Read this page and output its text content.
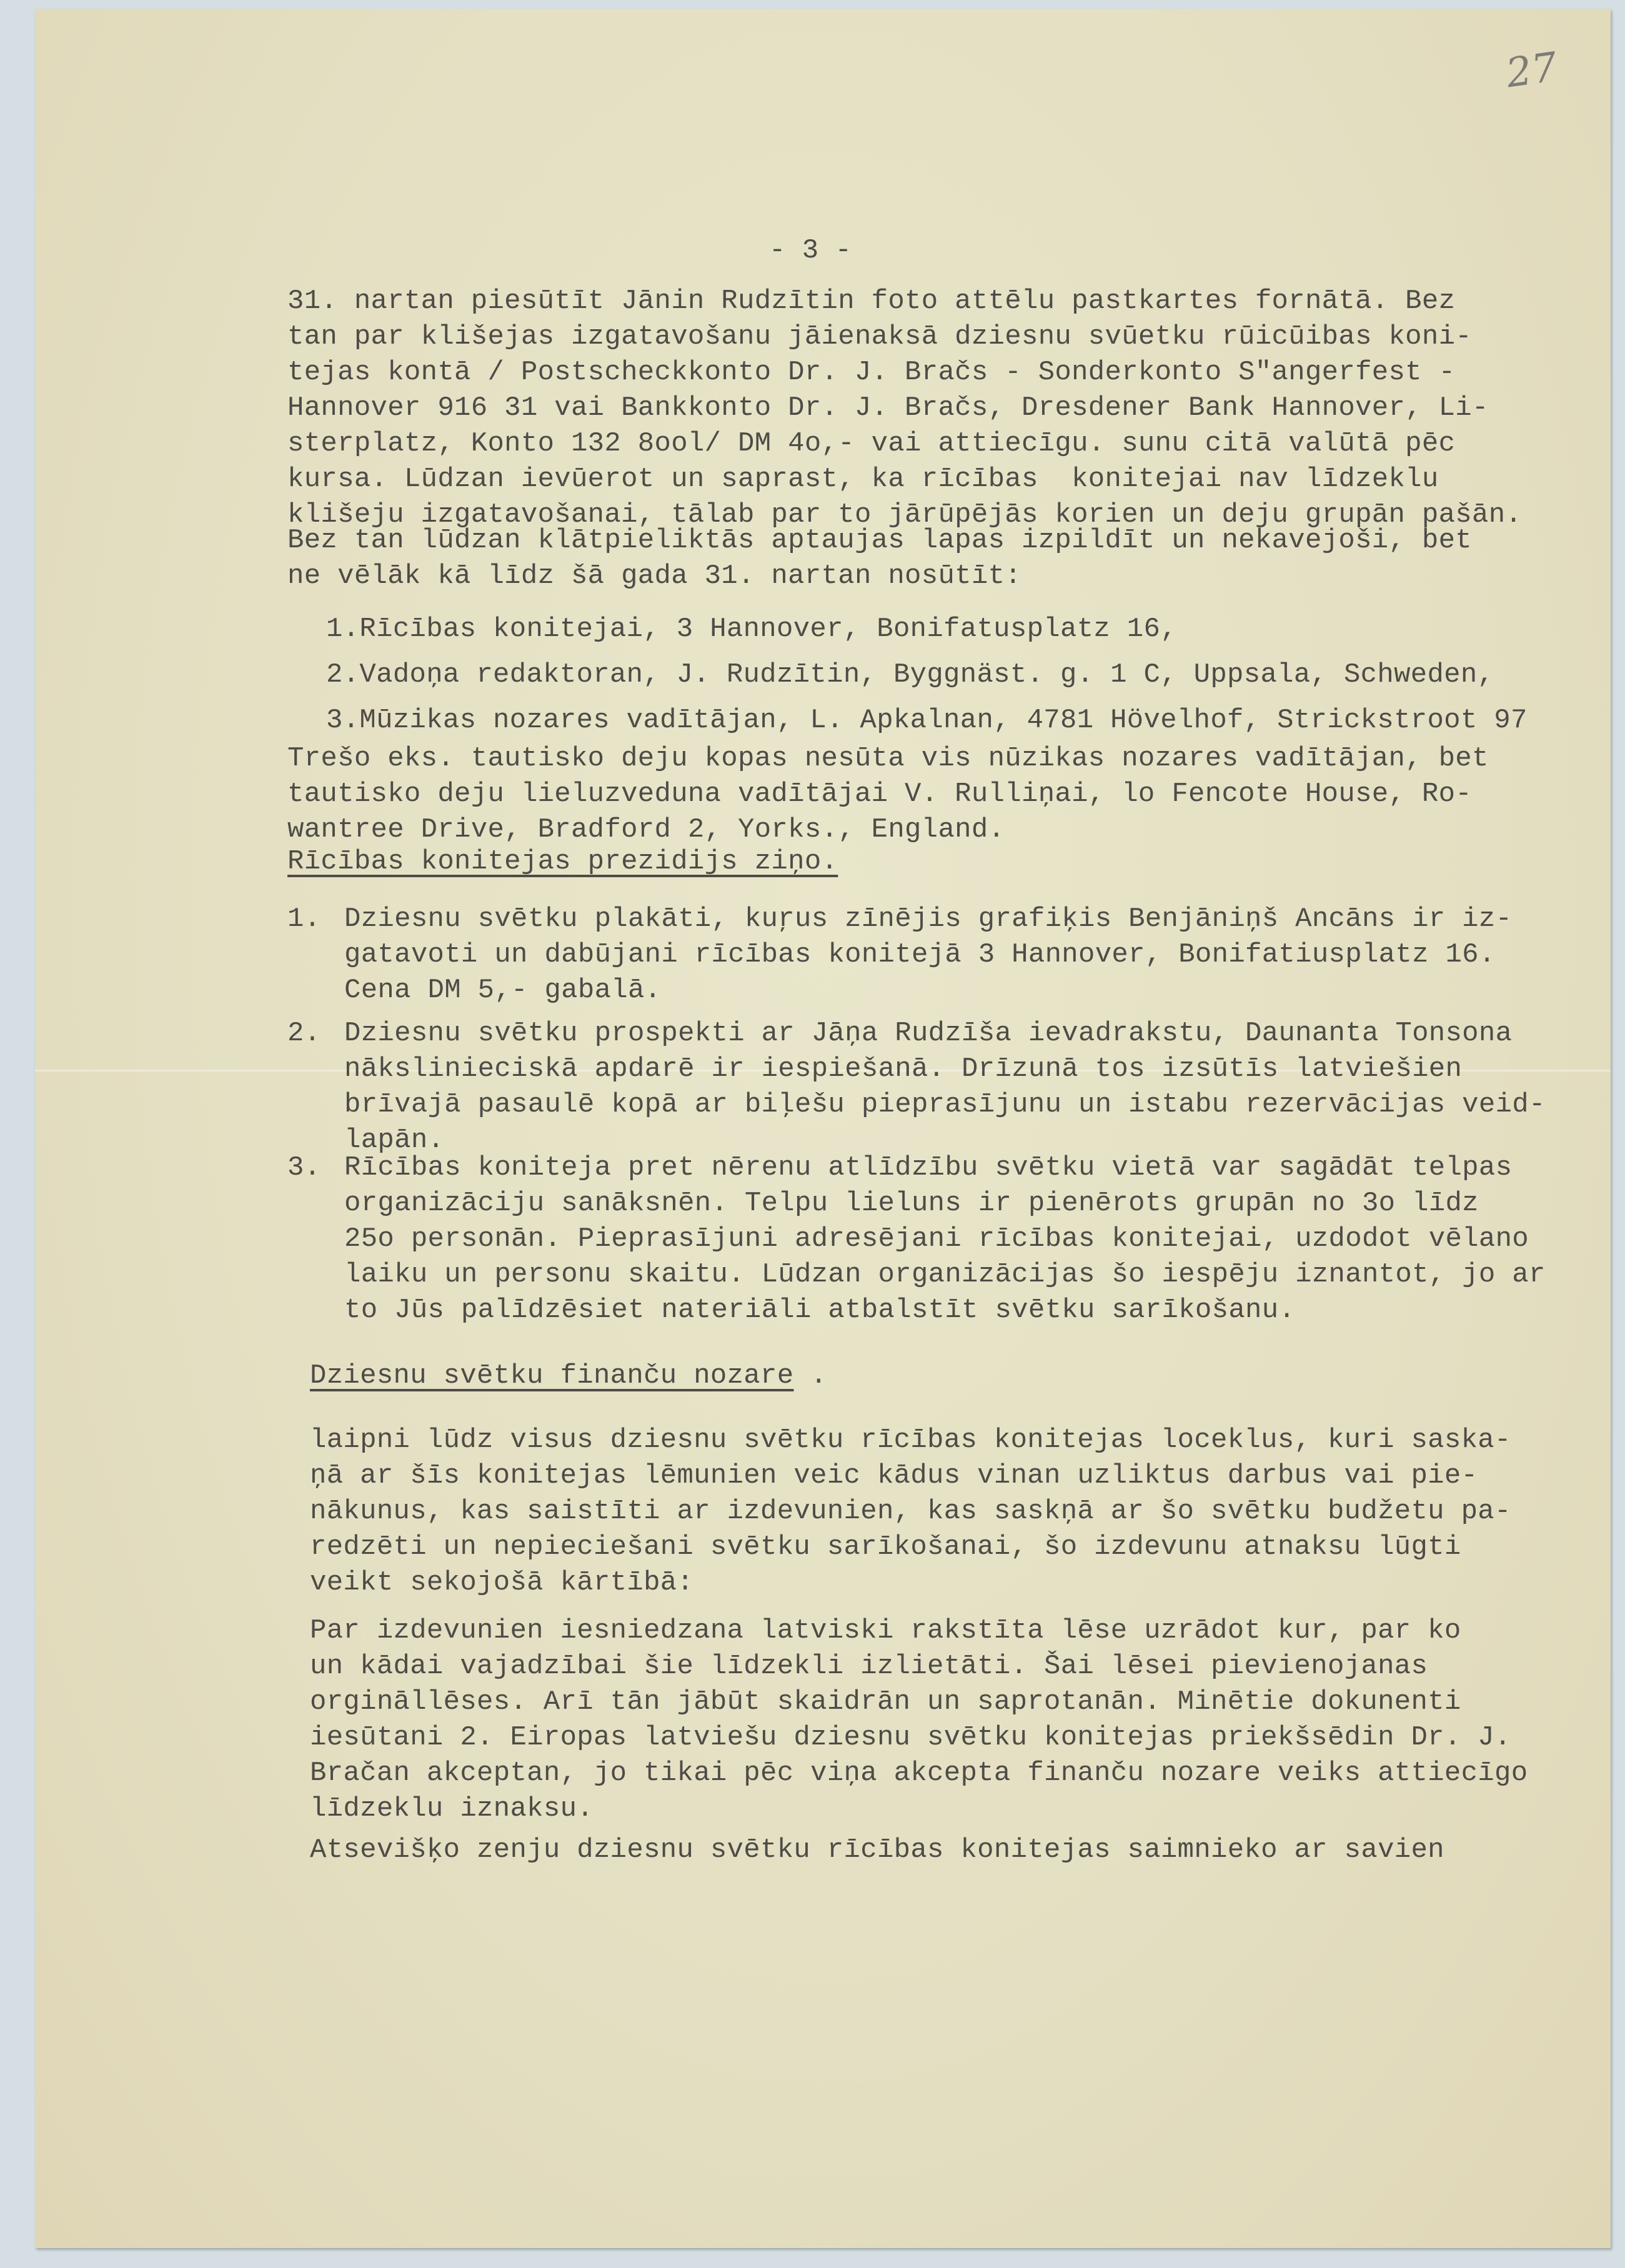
27
- 3 -
31. nartan piesūtīt Jānin Rudzītin foto attēlu pastkartes fornātā. Bez
tan par klišejas izgatavošanu jāienaksā dziesnu svūetku rūicūibas koni-
tejas kontā / Postscheckkonto Dr. J. Bračs - Sonderkonto S"angerfest -
Hannover 916 31 vai Bankkonto Dr. J. Bračs, Dresdener Bank Hannover, Li-
sterplatz, Konto 132 8ool/ DM 4o,- vai attiecīgu. sunu citā valūtā pēc
kursa. Lūdzan ievūerot un saprast, ka rīcības  konitejai nav līdzeklu
klišeju izgatavošanai, tālab par to jārūpējās korien un deju grupān pašān.
Bez tan lūdzan klātpieliktās aptaujas lapas izpildīt un nekavejoši, bet
ne vēlāk kā līdz šā gada 31. nartan nosūtīt:
1.Rīcības konitejai, 3 Hannover, Bonifatusplatz 16,
2.Vadoņa redaktoran, J. Rudzītin, Byggnäst. g. 1 C, Uppsala, Schweden,
3.Mūzikas nozares vadītājan, L. Apkalnan, 4781 Hövelhof, Strickstroot 97
Trešo eks. tautisko deju kopas nesūta vis nūzikas nozares vadītājan, bet
tautisko deju lieluzveduna vadītājai V. Rulliņai, lo Fencote House, Ro-
wantree Drive, Bradford 2, Yorks., England.
Rīcības konitejas prezidijs ziņo.
1. Dziesnu svētku plakāti, kuŗus zīnējis grafiķis Benjāniņš Ancāns ir iz-
gatavoti un dabūjani rīcības konitejā 3 Hannover, Bonifatiusplatz 16.
Cena DM 5,- gabalā.
2. Dziesnu svētku prospekti ar Jāņa Rudzīša ievadrakstu, Daunanta Tonsona
nākslinieciskā apdarē ir iespiešanā. Drīzunā tos izsūtīs latviešien
brīvajā pasaulē kopā ar biļešu pieprasījunu un istabu rezervācijas veid-
lapān.
3. Rīcības koniteja pret nērenu atlīdzību svētku vietā var sagādāt telpas
organizāciju sanāksnēn. Telpu lieluns ir pienērots grupān no 3o līdz
25o personān. Pieprasījuni adresējani rīcības konitejai, uzdodot vēlano
laiku un personu skaitu. Lūdzan organizācijas šo iespēju iznantot, jo ar
to Jūs palīdzēsiet nateriāli atbalstīt svētku sarīkošanu.
Dziesnu svētku finanču nozare .
laipni lūdz visus dziesnu svētku rīcības konitejas loceklus, kuri saska-
ņā ar šīs konitejas lēmunien veic kādus vinan uzliktus darbus vai pie-
nākunus, kas saistīti ar izdevunien, kas saskņā ar šo svētku budžetu pa-
redzēti un nepieciešani svētku sarīkošanai, šo izdevunu atnaksu lūgti
veikt sekojošā kārtībā:
Par izdevunien iesniedzana latviski rakstīta lēse uzrādot kur, par ko
un kādai vajadzībai šie līdzekli izlietāti. Šai lēsei pievienojanas
orgināllēses. Arī tān jābūt skaidrān un saprotanān. Minētie dokunenti
iesūtani 2. Eiropas latviešu dziesnu svētku konitejas priekšsēdin Dr. J.
Bračan akceptan, jo tikai pēc viņa akcepta finanču nozare veiks attiecīgo
līdzeklu iznaksu.
Atsevišķo zenju dziesnu svētku rīcības konitejas saimnieko ar savien
